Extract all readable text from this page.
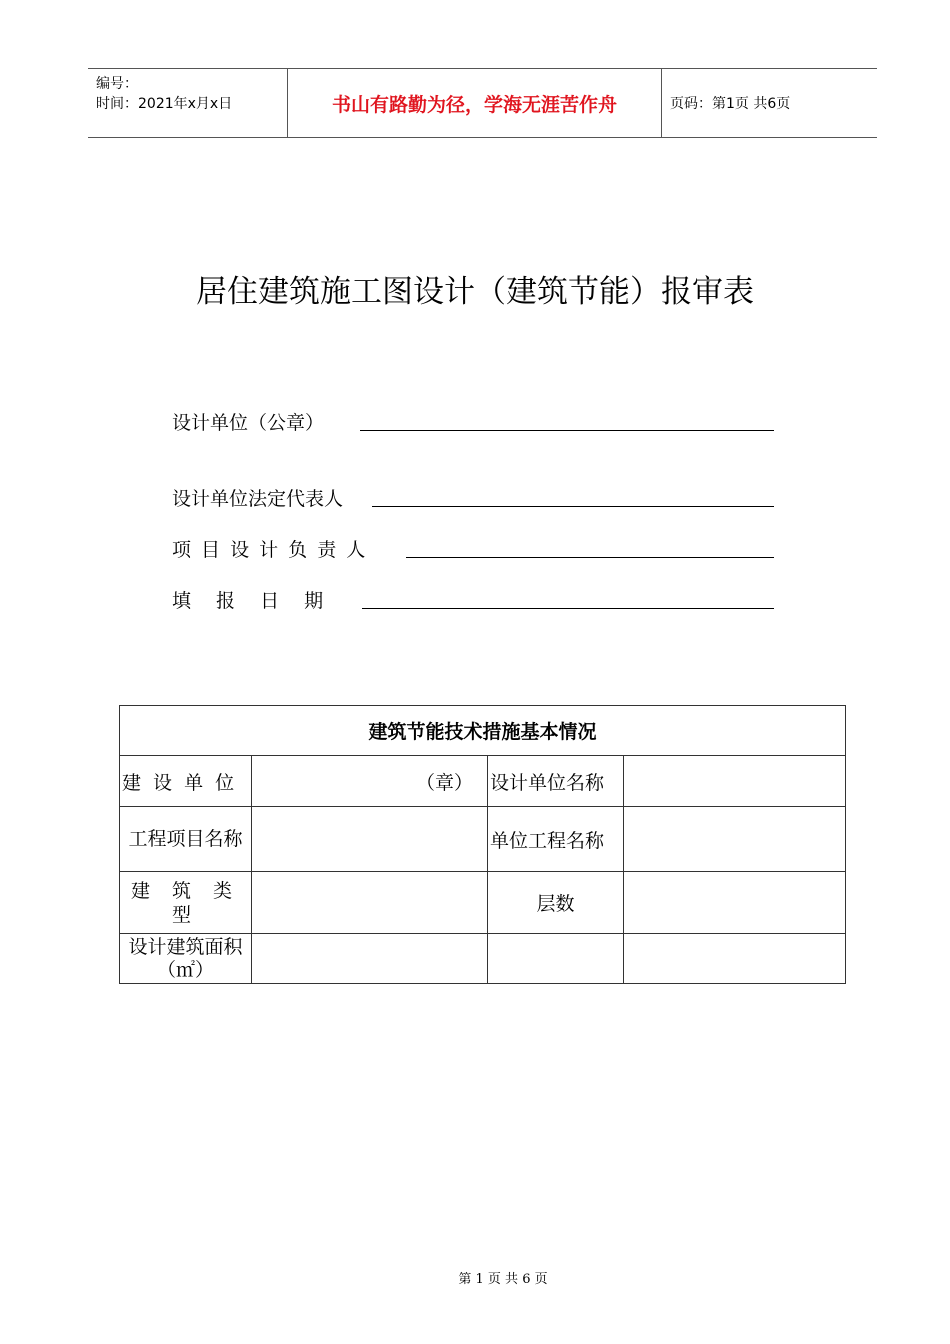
编号：
时间：2021年x月x日	书山有路勤为径，学海无涯苦作舟	页码：第1页 共6页
居住建筑施工图设计（建筑节能）报审表
设计单位（公章）
设计单位法定代表人
项 目 设 计 负 责 人
填　 报　 日　 期
建筑节能技术措施基本情况			
建 设 单 位	（章）	设计单位名称	
工程项目名称		单位工程名称	
建 筑 类 型		层数	
设计建筑面积（㎡）			
第 1 页 共 6 页
